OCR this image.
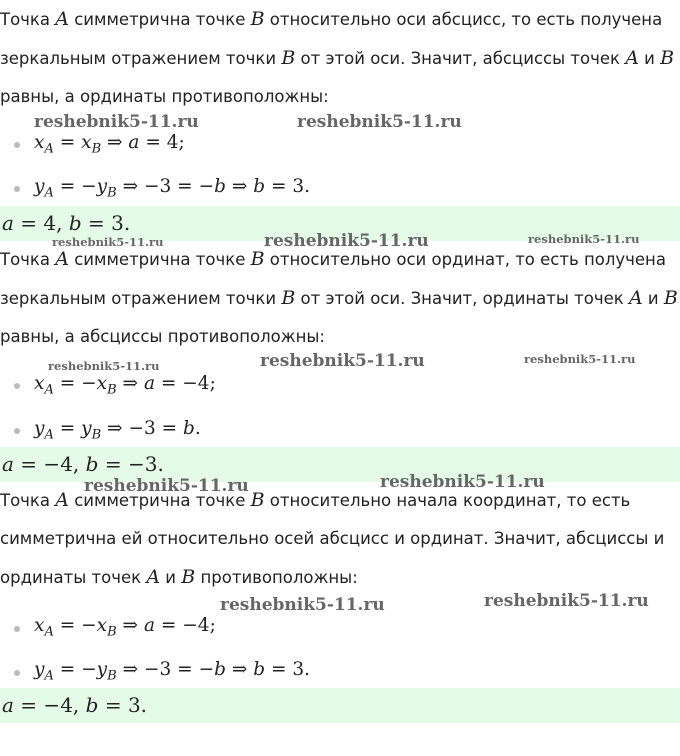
Точка A симметрична точке B относительно оси абсцисс, то есть получена
зеркальным отражением точки B от этой оси. Значит, абсциссы точек A и B
равны, а ординаты противоположны:
$x_A = x_B$ ⇒ a = 4;
$y_A = -y_B$ ⇒ −3 = −b ⇒ b = 3.
a = 4, b = 3.
Точка A симметрична точке B относительно оси ординат, то есть получена
зеркальным отражением точки B от этой оси. Значит, ординаты точек A и B
равны, а абсциссы противоположны:
$x_A = -x_B$ ⇒ a = −4;
$y_A = y_B$ ⇒ −3 = b.
a = −4, b = −3.
Точка A симметрична точке B относительно начала координат, то есть
симметрична ей относительно осей абсцисс и ординат. Значит, абсциссы и
ординаты точек A и B противоположны:
$x_A = -x_B$ ⇒ a = −4;
$y_A = -y_B$ ⇒ −3 = −b ⇒ b = 3.
a = −4, b = 3.
reshebnik5-11.ru	reshebnik5-11.ru
reshebnik5-11.ru	reshebnik5-11.ru	reshebnik5-11.ru
reshebnik5-11.ru	reshebnik5-11.ru	reshebnik5-11.ru
reshebnik5-11.ru	reshebnik5-11.ru
reshebnik5-11.ru	reshebnik5-11.ru
